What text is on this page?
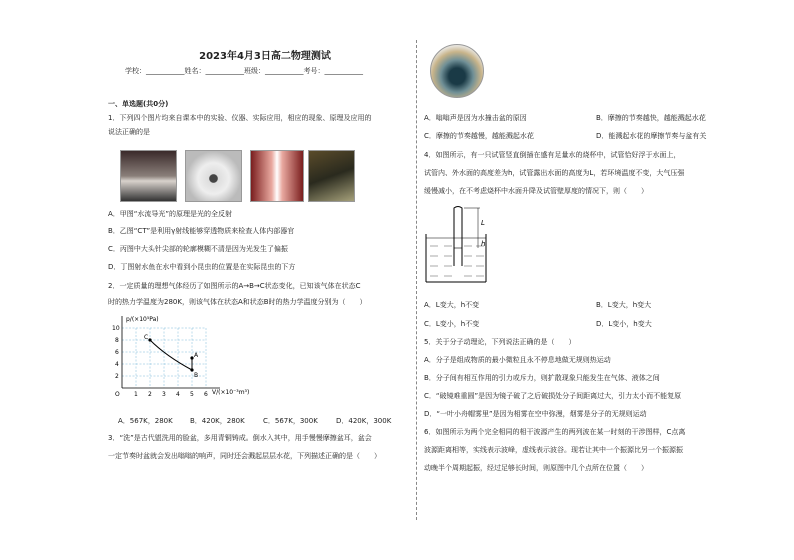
2023年4月3日高二物理测试
学校：___________姓名：___________班级：___________考号：___________
一、单选题(共0分)
1．下列四个图片均来自课本中的实验、仪器、实际应用，相应的现象、原理及应用的
说法正确的是
A．甲图“水流导光”的原理是光的全反射
B．乙图“CT”是利用γ射线能够穿透物质来检查人体内部器官
C．丙图中大头针尖部的轮廓模糊不清是因为光发生了偏振
D．丁图射水鱼在水中看到小昆虫的位置是在实际昆虫的下方
2．一定质量的理想气体经历了如图所示的A→B→C状态变化，已知该气体在状态C
时的热力学温度为280K，则该气体在状态A和状态B时的热力学温度分别为（　　）
p/(×10⁵Pa)
V/(×10⁻³m³)
10
8
6
4
2
O 1 2 3 4 5 6
C
A
B
A．567K，280K B．420K，280K	C．567K，300K	D．420K，300K
3．“洗”是古代盥洗用的脸盆，多用青铜铸成。倒水入其中，用手慢慢摩擦盆耳，盆会
一定节奏时盆就会发出嗡嗡的响声，同时还会溅起层层水花，下列描述正确的是（　　）
A．嗡嗡声是因为水撞击盆的原因	B．摩擦的节奏越快，越能溅起水花
C．摩擦的节奏越慢，越能溅起水花	D．能溅起水花的摩擦节奏与盆有关
4．如图所示，有一只试管竖直倒插在盛有足量水的烧杯中，试管恰好浮于水面上，
试管内、外水面的高度差为h，试管露出水面的高度为L，若环境温度不变，大气压强
缓慢减小，在不考虑烧杯中水面升降及试管壁厚度的情况下，则（　　）
L
h
A．L变大，h不变	B．L变大，h变大
C．L变小，h不变	D．L变小，h变大
5．关于分子动理论，下列说法正确的是（　　）
A．分子是组成物质的最小微粒且永不停息地做无规则热运动
B．分子间有相互作用的引力或斥力，则扩散现象只能发生在气体、液体之间
C．“破镜难重圆”是因为镜子破了之后破损处分子间距离过大，引力太小而不能复原
D．“一叶小舟帽雾里”是因为相雾在空中弥漫，烟雾是分子的无规则运动
6．如图所示为两个完全相同的相干波源产生的两列波在某一时刻的干涉图样，C点离
波源距离相等，实线表示波峰，虚线表示波谷。现若让其中一个振源比另一个振源振
动晚半个周期起振，经过足够长时间，则原图中几个点所在位置（　　）
